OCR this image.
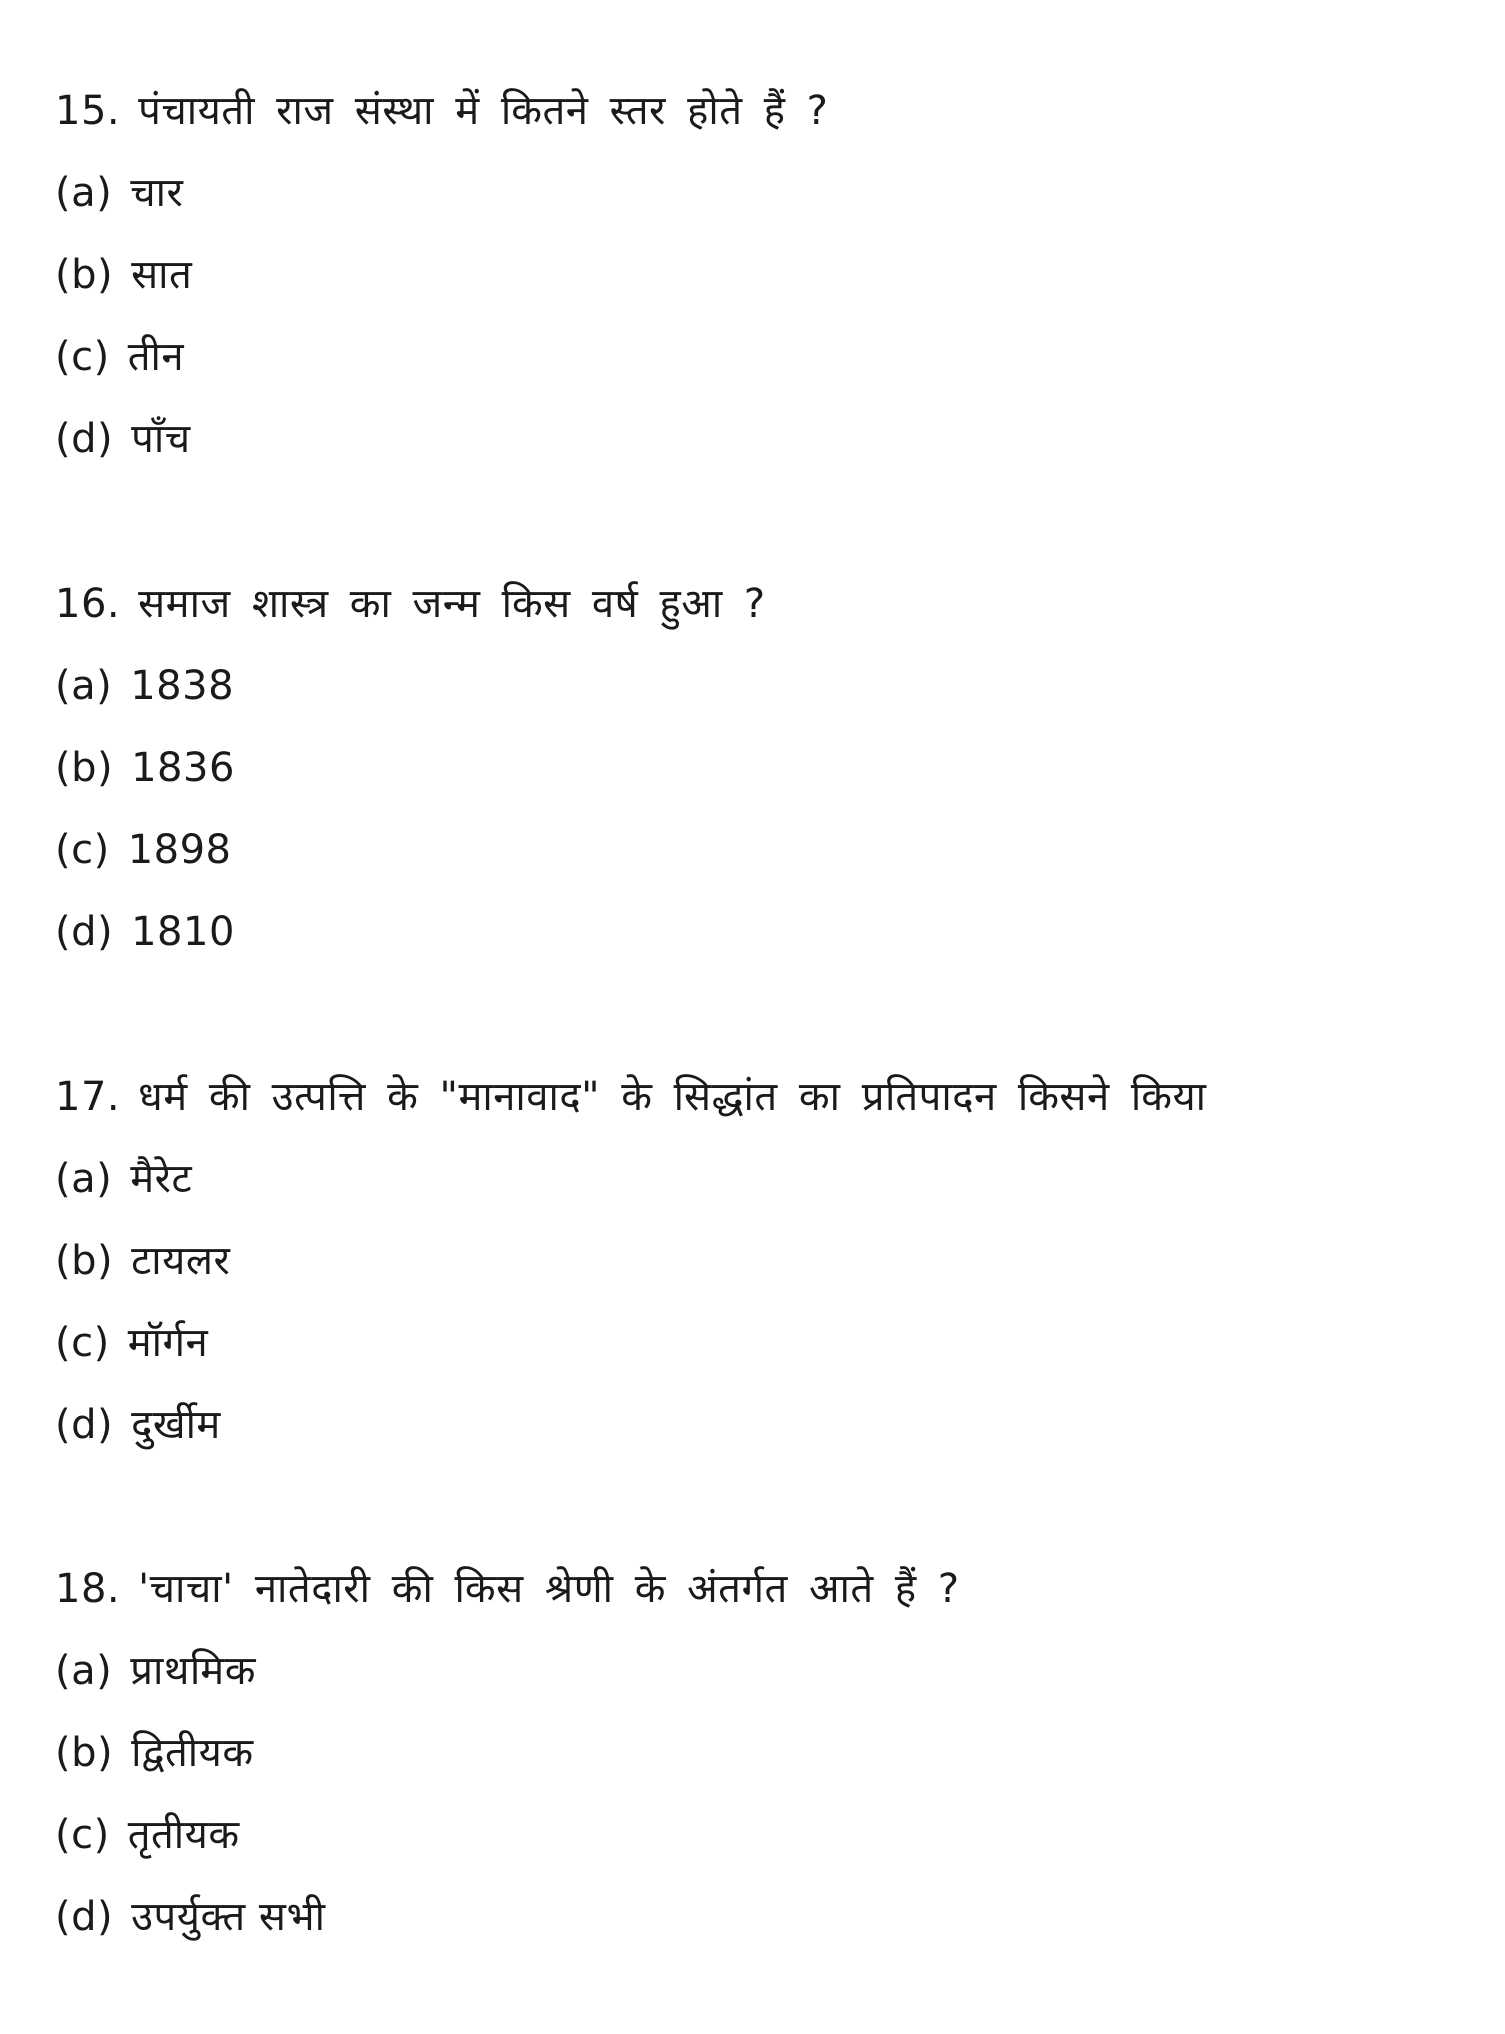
15. पंचायती राज संस्था में कितने स्तर होते हैं ?
(a) चार
(b) सात
(c) तीन
(d) पाँच
16. समाज शास्त्र का जन्म किस वर्ष हुआ ?
(a) 1838
(b) 1836
(c) 1898
(d) 1810
17. धर्म की उत्पत्ति के "मानावाद" के सिद्धांत का प्रतिपादन किसने किया
(a) मैरेट
(b) टायलर
(c) मॉर्गन
(d) दुर्खीम
18. 'चाचा' नातेदारी की किस श्रेणी के अंतर्गत आते हैं ?
(a) प्राथमिक
(b) द्वितीयक
(c) तृतीयक
(d) उपर्युक्त सभी
